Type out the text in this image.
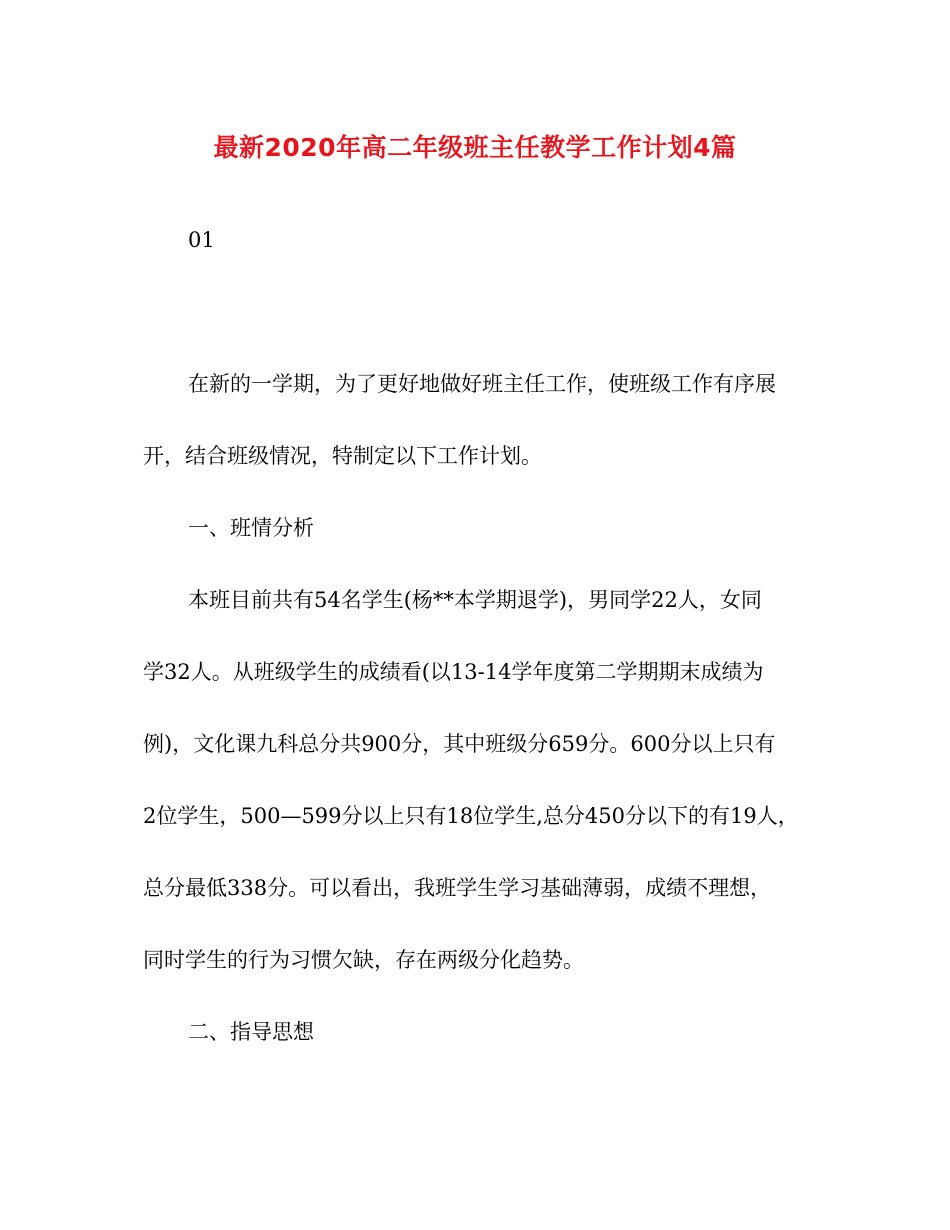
最新2020年高二年级班主任教学工作计划4篇
01
在新的一学期，为了更好地做好班主任工作，使班级工作有序展
开，结合班级情况，特制定以下工作计划。
一、班情分析
本班目前共有54名学生(杨**本学期退学)，男同学22人，女同
学32人。从班级学生的成绩看(以13-14学年度第二学期期末成绩为
例)，文化课九科总分共900分，其中班级分659分。600分以上只有
2位学生，500—599分以上只有18位学生,总分450分以下的有19人，
总分最低338分。可以看出，我班学生学习基础薄弱，成绩不理想，
同时学生的行为习惯欠缺，存在两级分化趋势。
二、指导思想
